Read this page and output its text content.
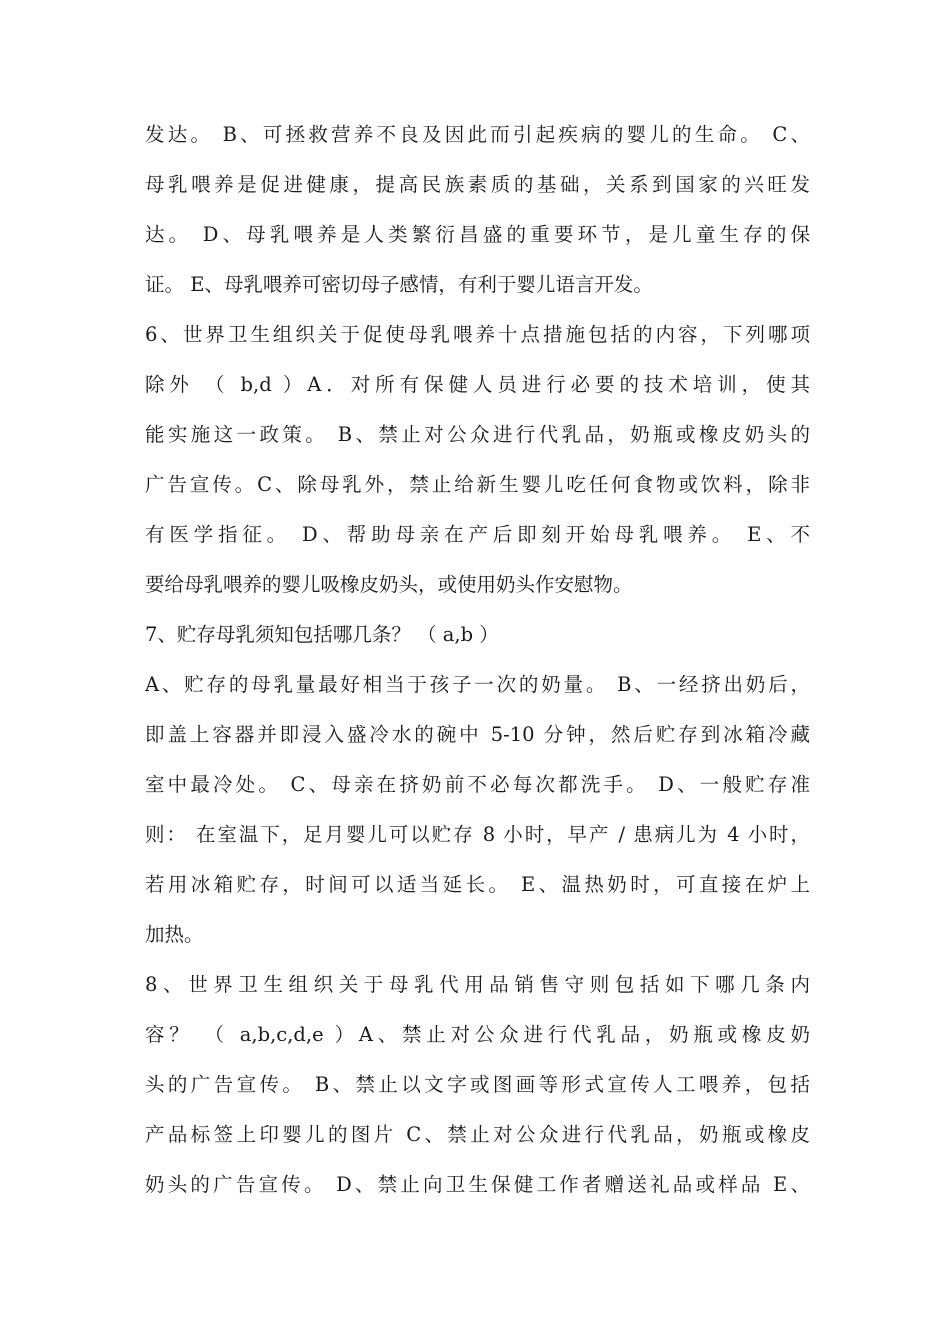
发达。 B、可拯救营养不良及因此而引起疾病的婴儿的生命。 C、
母乳喂养是促进健康，提高民族素质的基础，关系到国家的兴旺发
达。 D、母乳喂养是人类繁衍昌盛的重要环节，是儿童生存的保
证。 E、母乳喂养可密切母子感情，有利于婴儿语言开发。
6、世界卫生组织关于促使母乳喂养十点措施包括的内容，下列哪项
除外 （ b,d ）A．对所有保健人员进行必要的技术培训，使其
能实施这一政策。 B、禁止对公众进行代乳品，奶瓶或橡皮奶头的
广告宣传。C、除母乳外，禁止给新生婴儿吃任何食物或饮料，除非
有医学指征。 D、帮助母亲在产后即刻开始母乳喂养。 E、不
要给母乳喂养的婴儿吸橡皮奶头，或使用奶头作安慰物。
7、贮存母乳须知包括哪几条？ （ a,b ）
A、贮存的母乳量最好相当于孩子一次的奶量。 B、一经挤出奶后，
即盖上容器并即浸入盛冷水的碗中 5-10 分钟，然后贮存到冰箱冷藏
室中最冷处。 C、母亲在挤奶前不必每次都洗手。 D、一般贮存准
则： 在室温下，足月婴儿可以贮存 8 小时，早产 / 患病儿为 4 小时，
若用冰箱贮存，时间可以适当延长。 E、温热奶时，可直接在炉上
加热。
8、世界卫生组织关于母乳代用品销售守则包括如下哪几条内
容？ （ a,b,c,d,e ）A、禁止对公众进行代乳品，奶瓶或橡皮奶
头的广告宣传。 B、禁止以文字或图画等形式宣传人工喂养，包括
产品标签上印婴儿的图片 C、禁止对公众进行代乳品，奶瓶或橡皮
奶头的广告宣传。 D、禁止向卫生保健工作者赠送礼品或样品 E、
